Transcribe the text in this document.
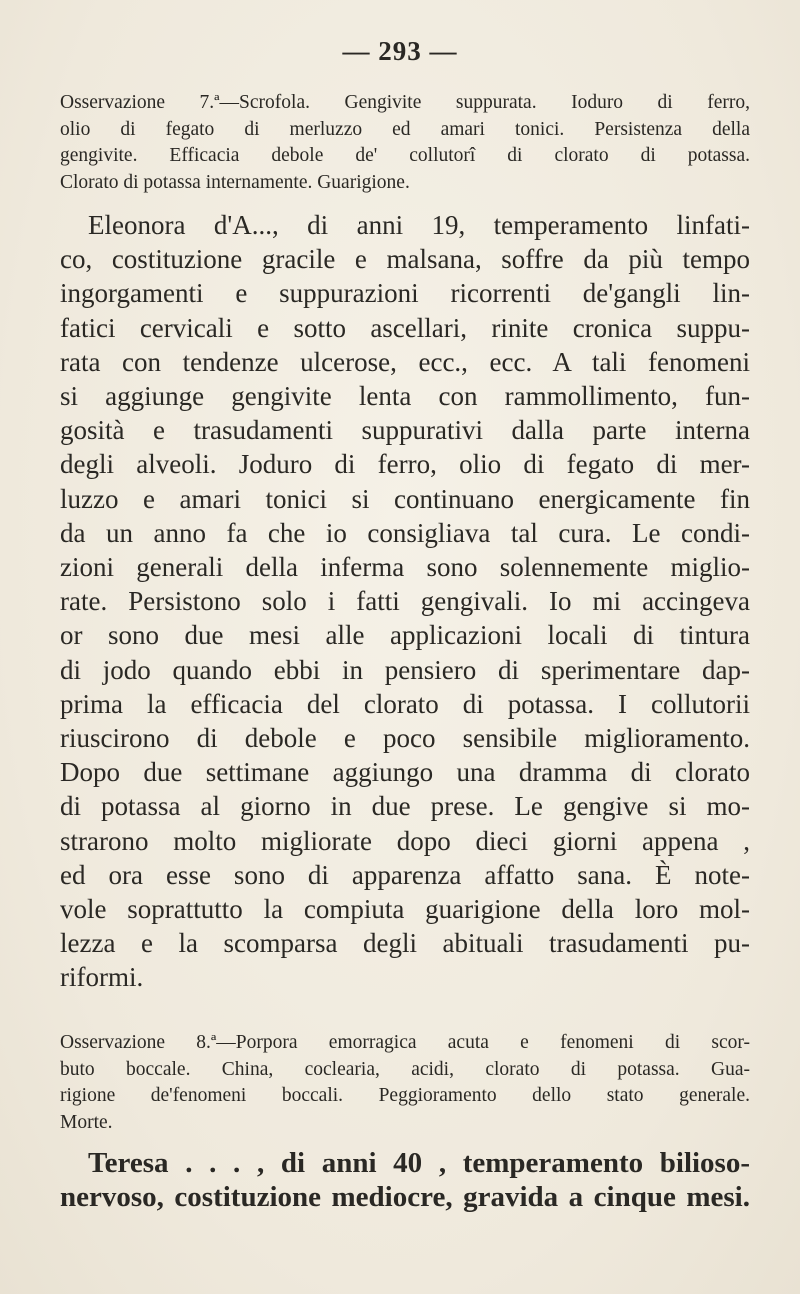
— 293 —
Osservazione 7.ª—Scrofola. Gengivite suppurata. Ioduro di ferro,
olio di fegato di merluzzo ed amari tonici. Persistenza della
gengivite. Efficacia debole de' collutorî di clorato di potassa.
Clorato di potassa internamente. Guarigione.
Eleonora d'A..., di anni 19, temperamento linfati-
co, costituzione gracile e malsana, soffre da più tempo
ingorgamenti e suppurazioni ricorrenti de'gangli lin-
fatici cervicali e sotto ascellari, rinite cronica suppu-
rata con tendenze ulcerose, ecc., ecc. A tali fenomeni
si aggiunge gengivite lenta con rammollimento, fun-
gosità e trasudamenti suppurativi dalla parte interna
degli alveoli. Joduro di ferro, olio di fegato di mer-
luzzo e amari tonici si continuano energicamente fin
da un anno fa che io consigliava tal cura. Le condi-
zioni generali della inferma sono solennemente miglio-
rate. Persistono solo i fatti gengivali. Io mi accingeva
or sono due mesi alle applicazioni locali di tintura
di jodo quando ebbi in pensiero di sperimentare dap-
prima la efficacia del clorato di potassa. I collutorii
riuscirono di debole e poco sensibile miglioramento.
Dopo due settimane aggiungo una dramma di clorato
di potassa al giorno in due prese. Le gengive si mo-
strarono molto migliorate dopo dieci giorni appena ,
ed ora esse sono di apparenza affatto sana. È note-
vole soprattutto la compiuta guarigione della loro mol-
lezza e la scomparsa degli abituali trasudamenti pu-
riformi.
Osservazione 8.ª—Porpora emorragica acuta e fenomeni di scor-
buto boccale. China, coclearia, acidi, clorato di potassa. Gua-
rigione de'fenomeni boccali. Peggioramento dello stato generale.
Morte.
Teresa . . . , di anni 40 , temperamento bilioso-
nervoso, costituzione mediocre, gravida a cinque mesi.
